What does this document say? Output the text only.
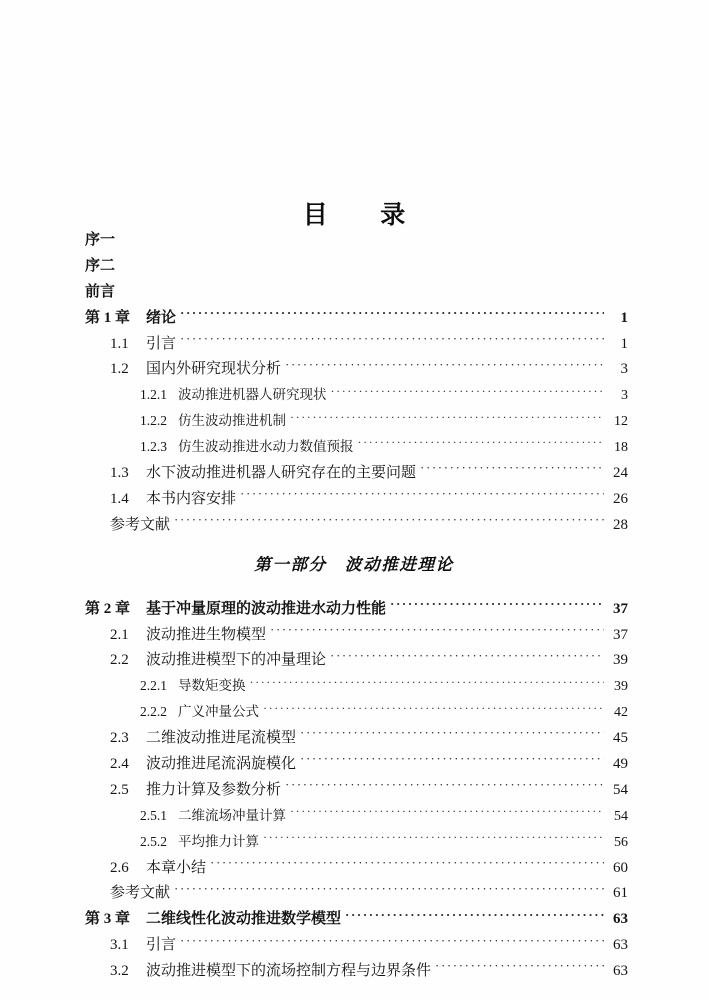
目　录
序一
序二
前言
第 1 章	绪论 ·····	1
1.1	引言 ·····	1
1.2	国内外研究现状分析 ·····	3
1.2.1 波动推进机器人研究现状 ·····	3
1.2.2 仿生波动推进机制 ·····	12
1.2.3 仿生波动推进水动力数值预报 ·····	18
1.3	水下波动推进机器人研究存在的主要问题 ·····	24
1.4	本书内容安排 ·····	26
参考文献 ·····	28
第一部分　波动推进理论
第 2 章	基于冲量原理的波动推进水动力性能 ·····	37
2.1	波动推进生物模型 ·····	37
2.2	波动推进模型下的冲量理论 ·····	39
2.2.1 导数矩变换 ·····	39
2.2.2 广义冲量公式 ·····	42
2.3	二维波动推进尾流模型 ·····	45
2.4	波动推进尾流涡旋模化 ·····	49
2.5	推力计算及参数分析 ·····	54
2.5.1 二维流场冲量计算 ·····	54
2.5.2 平均推力计算 ·····	56
2.6	本章小结 ·····	60
参考文献 ·····	61
第 3 章	二维线性化波动推进数学模型 ·····	63
3.1	引言 ·····	63
3.2	波动推进模型下的流场控制方程与边界条件 ·····	63
